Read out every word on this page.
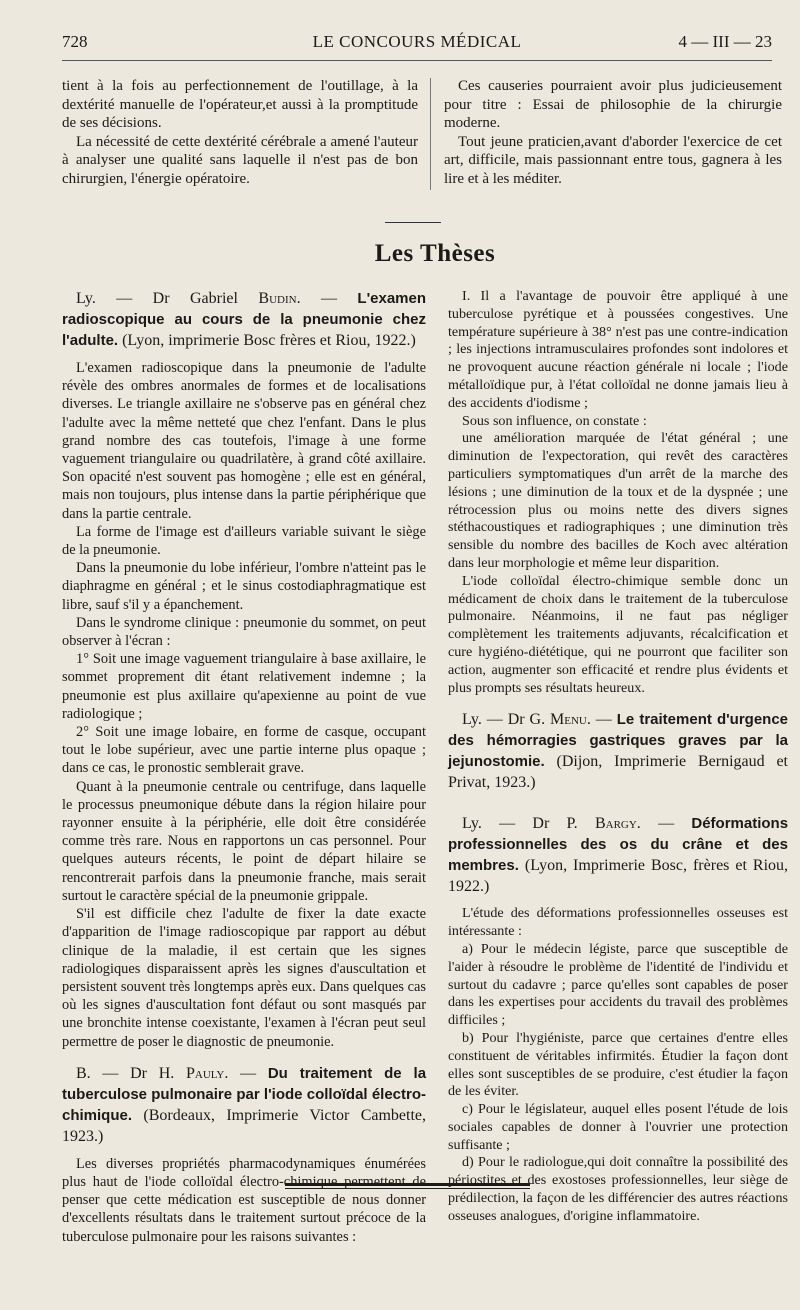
728	LE CONCOURS MÉDICAL	4 — III — 23

tient à la fois au perfectionnement de l'outillage, à la dextérité manuelle de l'opérateur,et aussi à la promptitude de ses décisions.

La nécessité de cette dextérité cérébrale a amené l'auteur à analyser une qualité sans laquelle il n'est pas de bon chirurgien, l'énergie opératoire.

Ces causeries pourraient avoir plus judicieusement pour titre : Essai de philosophie de la chirurgie moderne.

Tout jeune praticien,avant d'aborder l'exercice de cet art, difficile, mais passionnant entre tous, gagnera à les lire et à les méditer.

Les Thèses

Ly. — Dr Gabriel Budin. — L'examen radioscopique au cours de la pneumonie chez l'adulte. (Lyon, imprimerie Bosc frères et Riou, 1922.)

L'examen radioscopique dans la pneumonie de l'adulte révèle des ombres anormales de formes et de localisations diverses. Le triangle axillaire ne s'observe pas en général chez l'adulte avec la même netteté que chez l'enfant. Dans le plus grand nombre des cas toutefois, l'image à une forme vaguement triangulaire ou quadrilatère, à grand côté axillaire. Son opacité n'est souvent pas homogène ; elle est en général, mais non toujours, plus intense dans la partie périphérique que dans la partie centrale.

La forme de l'image est d'ailleurs variable suivant le siège de la pneumonie.

Dans la pneumonie du lobe inférieur, l'ombre n'atteint pas le diaphragme en général ; et le sinus costodiaphragmatique est libre, sauf s'il y a épanchement.

Dans le syndrome clinique : pneumonie du sommet, on peut observer à l'écran :

1° Soit une image vaguement triangulaire à base axillaire, le sommet proprement dit étant relativement indemne ; la pneumonie est plus axillaire qu'apexienne au point de vue radiologique ;

2° Soit une image lobaire, en forme de casque, occupant tout le lobe supérieur, avec une partie interne plus opaque ; dans ce cas, le pronostic semblerait grave.

Quant à la pneumonie centrale ou centrifuge, dans laquelle le processus pneumonique débute dans la région hilaire pour rayonner ensuite à la périphérie, elle doit être considérée comme très rare. Nous en rapportons un cas personnel. Pour quelques auteurs récents, le point de départ hilaire se rencontrerait parfois dans la pneumonie franche, mais serait surtout le caractère spécial de la pneumonie grippale.

S'il est difficile chez l'adulte de fixer la date exacte d'apparition de l'image radioscopique par rapport au début clinique de la maladie, il est certain que les signes radiologiques disparaissent après les signes d'auscultation et persistent souvent très longtemps après eux. Dans quelques cas où les signes d'auscultation font défaut ou sont masqués par une bronchite intense coexistante, l'examen à l'écran peut seul permettre de poser le diagnostic de pneumonie.

B. — Dr H. Pauly. — Du traitement de la tuberculose pulmonaire par l'iode colloïdal électro-chimique. (Bordeaux, Imprimerie Victor Cambette, 1923.)

Les diverses propriétés pharmacodynamiques énumérées plus haut de l'iode colloïdal électro-chimique permettent de penser que cette médication est susceptible de nous donner d'excellents résultats dans le traitement surtout précoce de la tuberculose pulmonaire pour les raisons suivantes :

I. Il a l'avantage de pouvoir être appliqué à une tuberculose pyrétique et à poussées congestives. Une température supérieure à 38° n'est pas une contre-indication ; les injections intramusculaires profondes sont indolores et ne provoquent aucune réaction générale ni locale ; l'iode métalloïdique pur, à l'état colloïdal ne donne jamais lieu à des accidents d'iodisme ;

Sous son influence, on constate :

une amélioration marquée de l'état général ; une diminution de l'expectoration, qui revêt des caractères particuliers symptomatiques d'un arrêt de la marche des lésions ; une diminution de la toux et de la dyspnée ; une rétrocession plus ou moins nette des divers signes stéthacoustiques et radiographiques ; une diminution très sensible du nombre des bacilles de Koch avec altération dans leur morphologie et même leur disparition.

L'iode colloïdal électro-chimique semble donc un médicament de choix dans le traitement de la tuberculose pulmonaire. Néanmoins, il ne faut pas négliger complètement les traitements adjuvants, récalcification et cure hygiéno-diététique, qui ne pourront que faciliter son action, augmenter son efficacité et rendre plus évidents et plus prompts ses résultats heureux.

Ly. — Dr G. Menu. — Le traitement d'urgence des hémorragies gastriques graves par la jejunostomie. (Dijon, Imprimerie Bernigaud et Privat, 1923.)

Ly. — Dr P. Bargy. — Déformations professionnelles des os du crâne et des membres. (Lyon, Imprimerie Bosc, frères et Riou, 1922.)

L'étude des déformations professionnelles osseuses est intéressante :

a) Pour le médecin légiste, parce que susceptible de l'aider à résoudre le problème de l'identité de l'individu et surtout du cadavre ; parce qu'elles sont capables de poser dans les expertises pour accidents du travail des problèmes difficiles ;

b) Pour l'hygiéniste, parce que certaines d'entre elles constituent de véritables infirmités. Étudier la façon dont elles sont susceptibles de se produire, c'est étudier la façon de les éviter.

c) Pour le législateur, auquel elles posent l'étude de lois sociales capables de donner à l'ouvrier une protection suffisante ;

d) Pour le radiologue,qui doit connaître la possibilité des périostites et des exostoses professionnelles, leur siège de prédilection, la façon de les différencier des autres réactions osseuses analogues, d'origine inflammatoire.
